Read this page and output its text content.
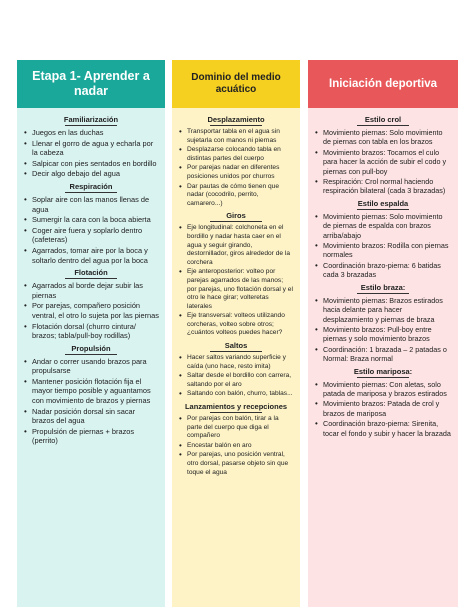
Etapa 1- Aprender a nadar
Familiarización
• Juegos en las duchas
• Llenar el gorro de agua y echarla por la cabeza
• Salpicar con pies sentados en bordillo
• Decir algo debajo del agua
Respiración
• Soplar aire con las manos llenas de agua
• Sumergir la cara con la boca abierta
• Coger aire fuera y soplarlo dentro (cafeteras)
• Agarrados, tomar aire por la boca y soltarlo dentro del agua por la boca
Flotación
• Agarrados al borde dejar subir las piernas
• Por parejas, compañero posición ventral, el otro lo sujeta por las piernas
• Flotación dorsal (churro cintura/ brazos; tabla/pull-boy rodillas)
Propulsión
• Andar o correr usando brazos para propulsarse
• Mantener posición flotación fija el mayor tiempo posible y aguantamos con movimiento de brazos y piernas
• Nadar posición dorsal sin sacar brazos del agua
• Propulsión de piernas + brazos (perrito)
Dominio del medio acuático
Desplazamiento
• Transportar tabla en el agua sin sujetarla con manos ni piernas
• Desplazarse colocando tabla en distintas partes del cuerpo
• Por parejas nadar en diferentes posiciones unidos por churros
• Dar pautas de cómo tienen que nadar (cocodrilo, perrito, camarero...)
Giros
• Eje longitudinal: colchoneta en el bordillo y nadar hasta caer en el agua y seguir girando, destornillador, giros alrededor de la corchera
• Eje anteroposterior: volteo por parejas agarrados de las manos; por parejas, uno flotación dorsal y el otro le hace girar; volteretas laterales
• Eje transversal: volteos utilizando corcheras, volteo sobre otros; ¿cuántos volteos puedes hacer?
Saltos
• Hacer saltos variando superficie y caída (uno hace, resto imita)
• Saltar desde el bordillo con carrera, saltando por el aro
• Saltando con balón, churro, tablas...
Lanzamientos y recepciones
• Por parejas con balón, tirar a la parte del cuerpo que diga el compañero
• Encestar balón en aro
• Por parejas, uno posición ventral, otro dorsal, pasarse objeto sin que toque el agua
Iniciación deportiva
Estilo crol
• Movimiento piernas: Solo movimiento de piernas con tabla en los brazos
• Movimiento brazos: Tocarnos el culo para hacer la acción de subir el codo y piernas con pull-boy
• Respiración: Crol normal haciendo respiración bilateral (cada 3 brazadas)
Estilo espalda
• Movimiento piernas: Solo movimiento de piernas de espalda con brazos arriba/abajo
• Movimiento brazos: Rodilla con piernas normales
• Coordinación brazo-pierna: 6 batidas cada 3 brazadas
Estilo braza:
• Movimiento piernas: Brazos estirados hacia delante para hacer desplazamiento y piernas de braza
• Movimiento brazos: Pull-boy entre piernas y solo movimiento brazos
• Coordinación: 1 brazada – 2 patadas o Normal: Braza normal
Estilo mariposa:
• Movimiento piernas: Con aletas, solo patada de mariposa y brazos estirados
• Movimiento brazos: Patada de crol y brazos de mariposa
• Coordinación brazo-pierna: Sirenita, tocar el fondo y subir y hacer la brazada
